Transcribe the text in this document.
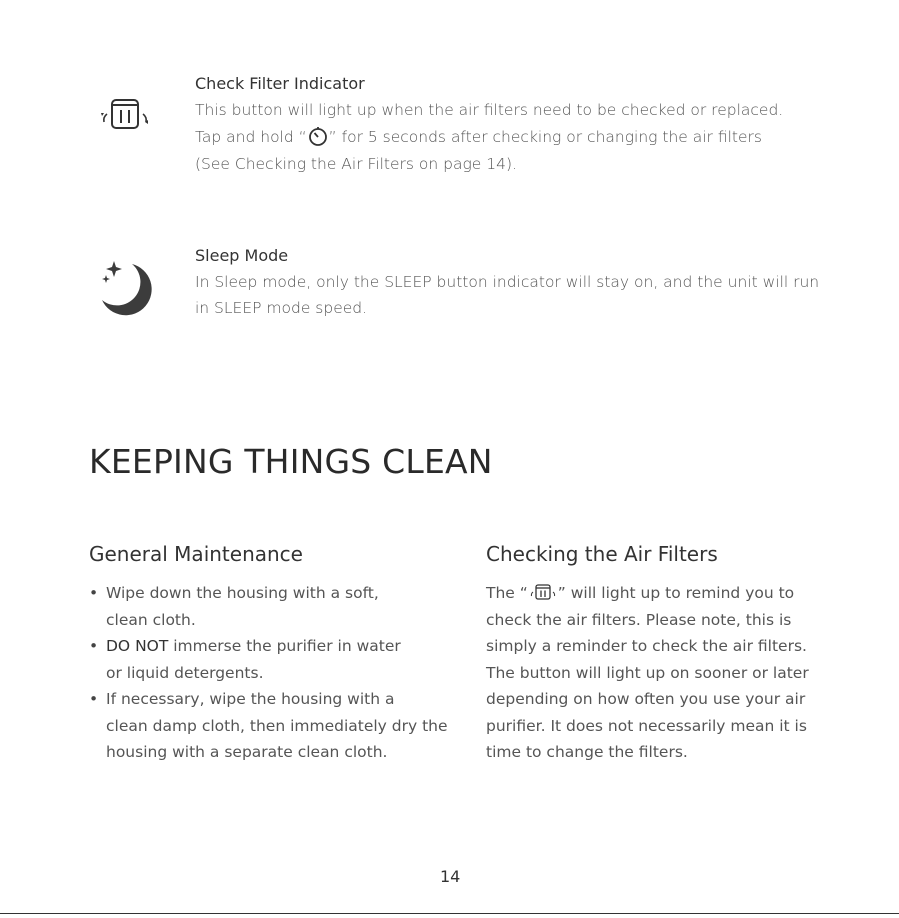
Check Filter Indicator
This button will light up when the air filters need to be checked or replaced.
Tap and hold “ ” for 5 seconds after checking or changing the air filters
(See Checking the Air Filters on page 14).
Sleep Mode
In Sleep mode, only the SLEEP button indicator will stay on, and the unit will run
in SLEEP mode speed.
KEEPING THINGS CLEAN
General Maintenance
• Wipe down the housing with a soft,
clean cloth.
• DO NOT immerse the purifier in water
or liquid detergents.
• If necessary, wipe the housing with a
clean damp cloth, then immediately dry the
housing with a separate clean cloth.
Checking the Air Filters
The “ ” will light up to remind you to
check the air filters. Please note, this is
simply a reminder to check the air filters.
The button will light up on sooner or later
depending on how often you use your air
purifier. It does not necessarily mean it is
time to change the filters.
14
